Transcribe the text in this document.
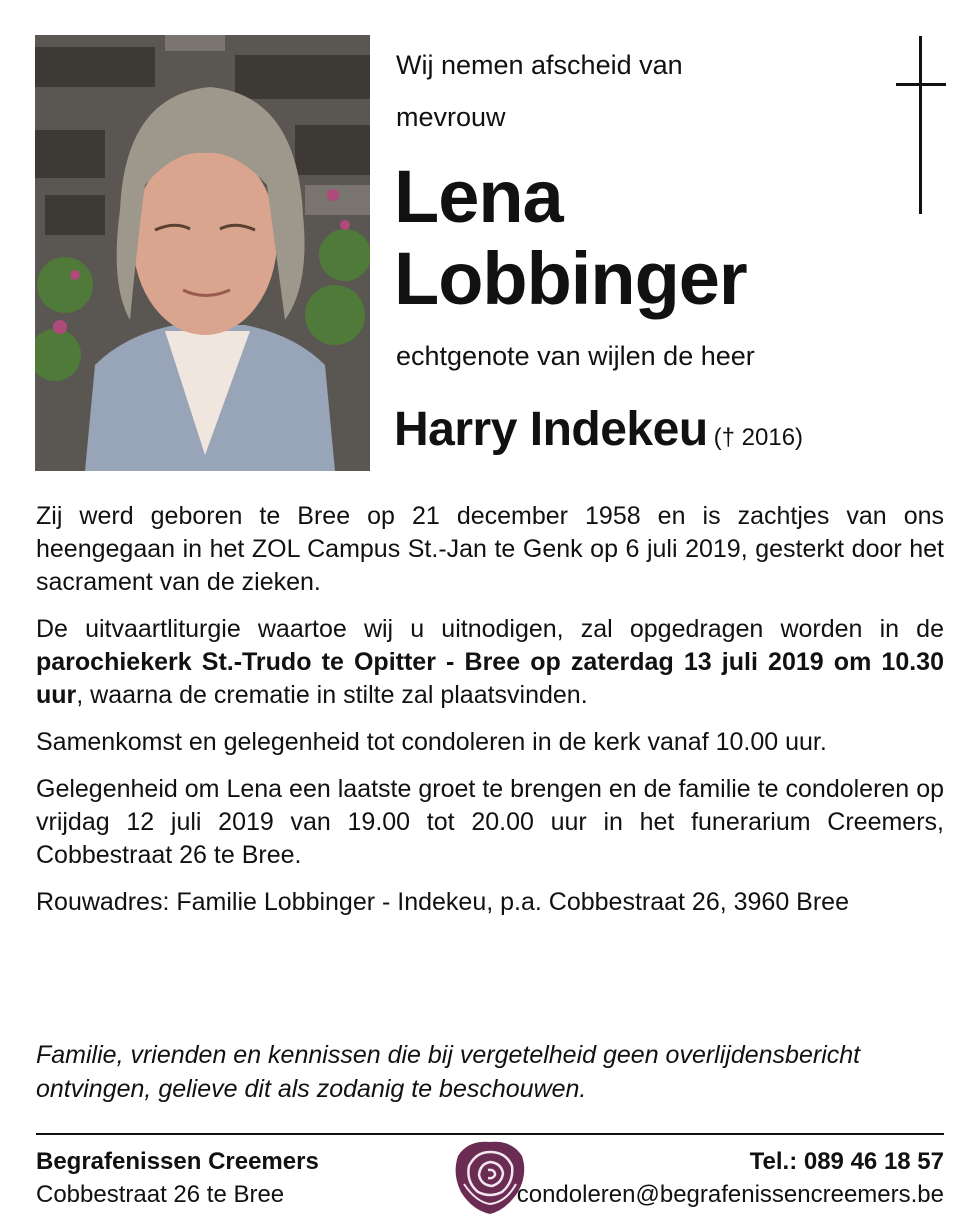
Wij nemen afscheid van
mevrouw
Lena
Lobbinger
echtgenote van wijlen de heer
Harry Indekeu († 2016)

Zij werd geboren te Bree op 21 december 1958 en is zachtjes van ons heengegaan in het ZOL Campus St.-Jan te Genk op 6 juli 2019, gesterkt door het sacrament van de zieken.

De uitvaartliturgie waartoe wij u uitnodigen, zal opgedragen worden in de parochiekerk St.-Trudo te Opitter - Bree op zaterdag 13 juli 2019 om 10.30 uur, waarna de crematie in stilte zal plaatsvinden.

Samenkomst en gelegenheid tot condoleren in de kerk vanaf 10.00 uur.

Gelegenheid om Lena een laatste groet te brengen en de familie te condoleren op vrijdag 12 juli 2019 van 19.00 tot 20.00 uur in het funerarium Creemers, Cobbestraat 26 te Bree.

Rouwadres: Familie Lobbinger - Indekeu, p.a. Cobbestraat 26, 3960 Bree

Familie, vrienden en kennissen die bij vergetelheid geen overlijdensbericht ontvingen, gelieve dit als zodanig te beschouwen.
Begrafenissen Creemers
Cobbestraat 26 te Bree
Tel.: 089 46 18 57
condoleren@begrafenissencreemers.be
